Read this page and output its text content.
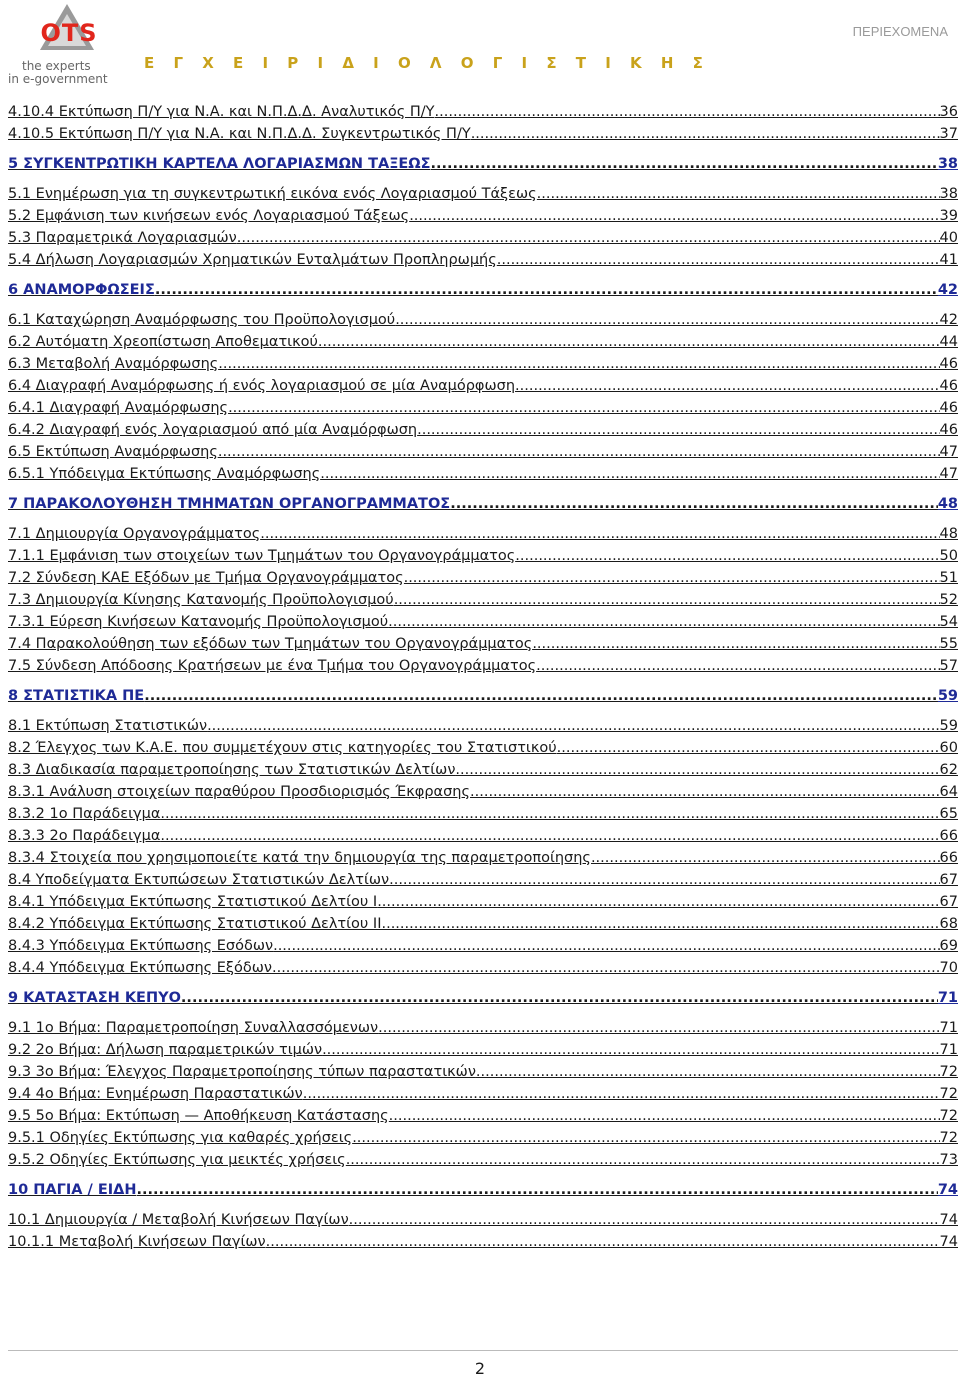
OTS
the experts
in e-government
Ε Γ Χ Ε Ι Ρ Ι Δ Ι Ο Λ Ο Γ Ι Σ Τ Ι Κ Η Σ
ΠΕΡΙΕΧΟΜΕΝΑ
4.10.4 Εκτύπωση Π/Υ για Ν.Α. και Ν.Π.Δ.Δ. Αναλυτικός Π/Υ .....	36
4.10.5 Εκτύπωση Π/Υ για Ν.Α. και Ν.Π.Δ.Δ. Συγκεντρωτικός Π/Υ .....	37
5 ΣΥΓΚΕΝΤΡΩΤΙΚΗ ΚΑΡΤΕΛΑ ΛΟΓΑΡΙΑΣΜΩΝ ΤΑΞΕΩΣ .....	38
5.1 Ενημέρωση για τη συγκεντρωτική εικόνα ενός Λογαριασμού Τάξεως .....	38
5.2 Εμφάνιση των κινήσεων ενός Λογαριασμού Τάξεως .....	39
5.3 Παραμετρικά Λογαριασμών .....	40
5.4 Δήλωση Λογαριασμών Χρηματικών Ενταλμάτων Προπληρωμής .....	41
6 ΑΝΑΜΟΡΦΩΣΕΙΣ .....	42
6.1 Καταχώρηση Αναμόρφωσης του Προϋπολογισμού .....	42
6.2 Αυτόματη Χρεοπίστωση Αποθεματικού .....	44
6.3 Μεταβολή Αναμόρφωσης .....	46
6.4 Διαγραφή Αναμόρφωσης ή ενός λογαριασμού σε μία Αναμόρφωση .....	46
6.4.1 Διαγραφή Αναμόρφωσης .....	46
6.4.2 Διαγραφή ενός λογαριασμού από μία Αναμόρφωση .....	46
6.5 Εκτύπωση Αναμόρφωσης .....	47
6.5.1 Υπόδειγμα Εκτύπωσης Αναμόρφωσης .....	47
7 ΠΑΡΑΚΟΛΟΥΘΗΣΗ ΤΜΗΜΑΤΩΝ ΟΡΓΑΝΟΓΡΑΜΜΑΤΟΣ .....	48
7.1 Δημιουργία Οργανογράμματος .....	48
7.1.1 Εμφάνιση των στοιχείων των Τμημάτων του Οργανογράμματος .....	50
7.2 Σύνδεση ΚΑΕ Εξόδων με Τμήμα Οργανογράμματος .....	51
7.3 Δημιουργία Κίνησης Κατανομής Προϋπολογισμού .....	52
7.3.1 Εύρεση Κινήσεων Κατανομής Προϋπολογισμού .....	54
7.4 Παρακολούθηση των εξόδων των Τμημάτων του Οργανογράμματος .....	55
7.5 Σύνδεση Απόδοσης Κρατήσεων με ένα Τμήμα του Οργανογράμματος .....	57
8 ΣΤΑΤΙΣΤΙΚΑ ΠΕ .....	59
8.1 Εκτύπωση Στατιστικών .....	59
8.2 Έλεγχος των Κ.Α.Ε. που συμμετέχουν στις κατηγορίες του Στατιστικού .....	60
8.3 Διαδικασία παραμετροποίησης των Στατιστικών Δελτίων .....	62
8.3.1 Ανάλυση στοιχείων παραθύρου Προσδιορισμός Έκφρασης .....	64
8.3.2 1ο Παράδειγμα .....	65
8.3.3 2ο Παράδειγμα .....	66
8.3.4 Στοιχεία που χρησιμοποιείτε κατά την δημιουργία της παραμετροποίησης .....	66
8.4 Υποδείγματα Εκτυπώσεων Στατιστικών Δελτίων .....	67
8.4.1 Υπόδειγμα Εκτύπωσης Στατιστικού Δελτίου Ι .....	67
8.4.2 Υπόδειγμα Εκτύπωσης Στατιστικού Δελτίου ΙΙ .....	68
8.4.3 Υπόδειγμα Εκτύπωσης Εσόδων .....	69
8.4.4 Υπόδειγμα Εκτύπωσης Εξόδων .....	70
9 ΚΑΤΑΣΤΑΣΗ ΚΕΠΥΟ .....	71
9.1 1ο Βήμα: Παραμετροποίηση Συναλλασσόμενων .....	71
9.2 2ο Βήμα: Δήλωση παραμετρικών τιμών .....	71
9.3 3ο Βήμα: Έλεγχος Παραμετροποίησης τύπων παραστατικών .....	72
9.4 4ο Βήμα: Ενημέρωση Παραστατικών .....	72
9.5 5ο Βήμα: Εκτύπωση — Αποθήκευση Κατάστασης .....	72
9.5.1 Οδηγίες Εκτύπωσης για καθαρές χρήσεις .....	72
9.5.2 Οδηγίες Εκτύπωσης για μεικτές χρήσεις .....	73
10 ΠΑΓΙΑ / ΕΙΔΗ .....	74
10.1 Δημιουργία / Μεταβολή Κινήσεων Παγίων .....	74
10.1.1 Μεταβολή Κινήσεων Παγίων .....	74
2
